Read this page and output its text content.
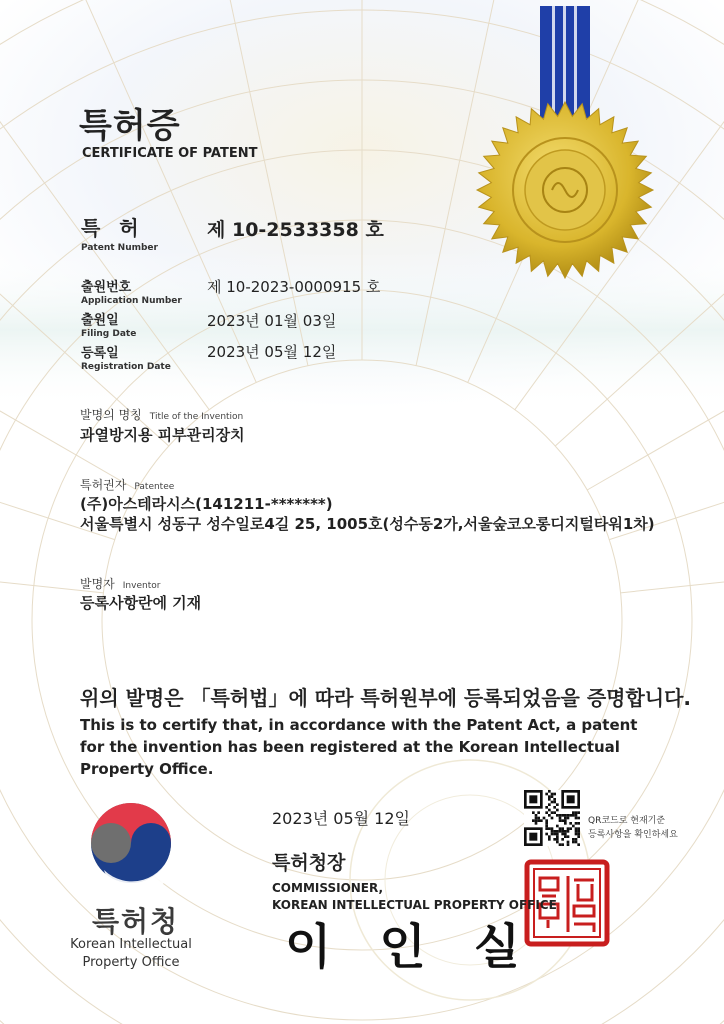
특허증
CERTIFICATE OF PATENT
특 허
Patent Number
제 10-2533358 호
출원번호
Application Number
제 10-2023-0000915 호
출원일
Filing Date
2023년 01월 03일
등록일
Registration Date
2023년 05월 12일
발명의 명칭 Title of the Invention
과열방지용 피부관리장치
특허권자 Patentee
(주)아스테라시스(141211-*******)
서울특별시 성동구 성수일로4길 25, 1005호(성수동2가,서울숲코오롱디지털타워1차)
발명자 Inventor
등록사항란에 기재
위의 발명은 「특허법」에 따라 특허원부에 등록되었음을 증명합니다.
This is to certify that, in accordance with the Patent Act, a patent for the invention has been registered at the Korean Intellectual Property Office.
2023년 05월 12일	QR코드로 현재기준
등록사항을 확인하세요
특허청장
COMMISSIONER,
KOREAN INTELLECTUAL PROPERTY OFFICE
이인실
특허청
Korean Intellectual
Property Office
